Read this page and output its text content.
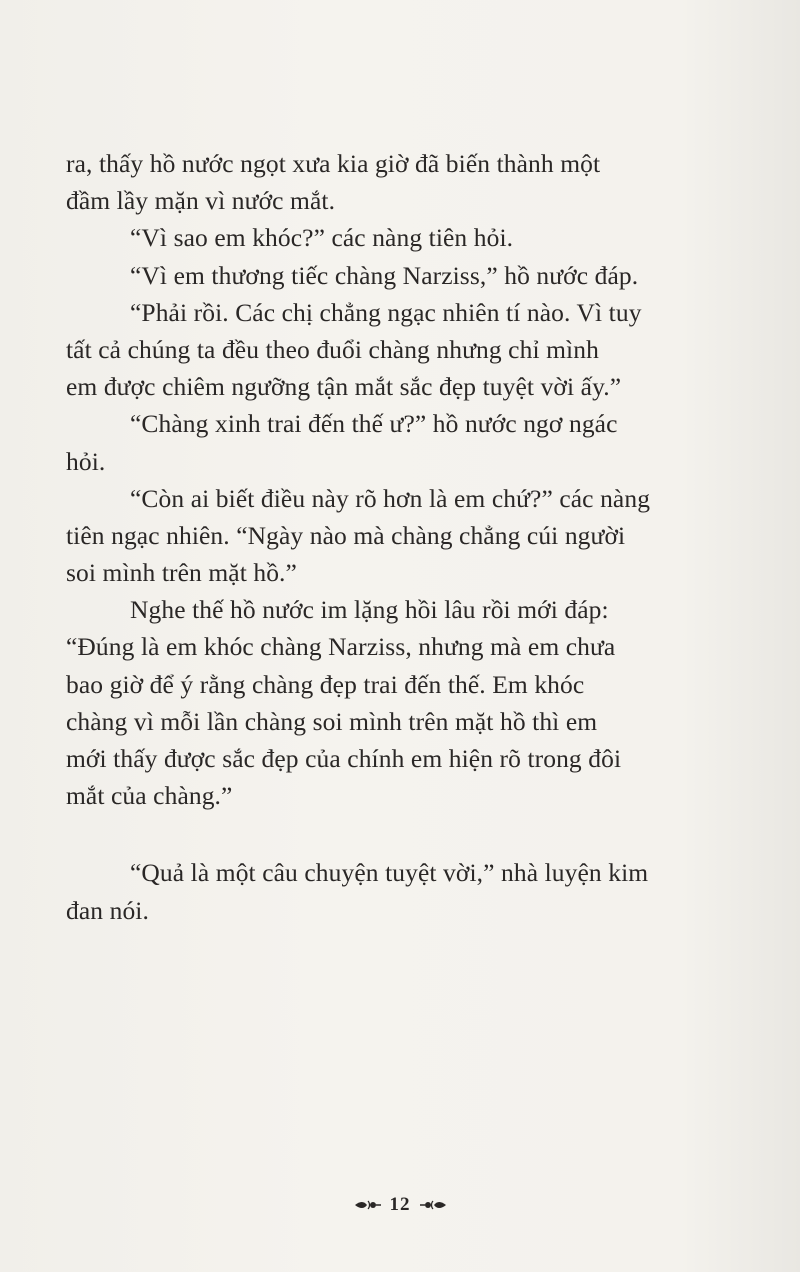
ra, thấy hồ nước ngọt xưa kia giờ đã biến thành một
đầm lầy mặn vì nước mắt.
“Vì sao em khóc?” các nàng tiên hỏi.
“Vì em thương tiếc chàng Narziss,” hồ nước đáp.
“Phải rồi. Các chị chẳng ngạc nhiên tí nào. Vì tuy
tất cả chúng ta đều theo đuổi chàng nhưng chỉ mình
em được chiêm ngưỡng tận mắt sắc đẹp tuyệt vời ấy.”
“Chàng xinh trai đến thế ư?” hồ nước ngơ ngác
hỏi.
“Còn ai biết điều này rõ hơn là em chứ?” các nàng
tiên ngạc nhiên. “Ngày nào mà chàng chẳng cúi người
soi mình trên mặt hồ.”
Nghe thế hồ nước im lặng hồi lâu rồi mới đáp:
“Đúng là em khóc chàng Narziss, nhưng mà em chưa
bao giờ để ý rằng chàng đẹp trai đến thế. Em khóc
chàng vì mỗi lần chàng soi mình trên mặt hồ thì em
mới thấy được sắc đẹp của chính em hiện rõ trong đôi
mắt của chàng.”
“Quả là một câu chuyện tuyệt vời,” nhà luyện kim
đan nói.
12
